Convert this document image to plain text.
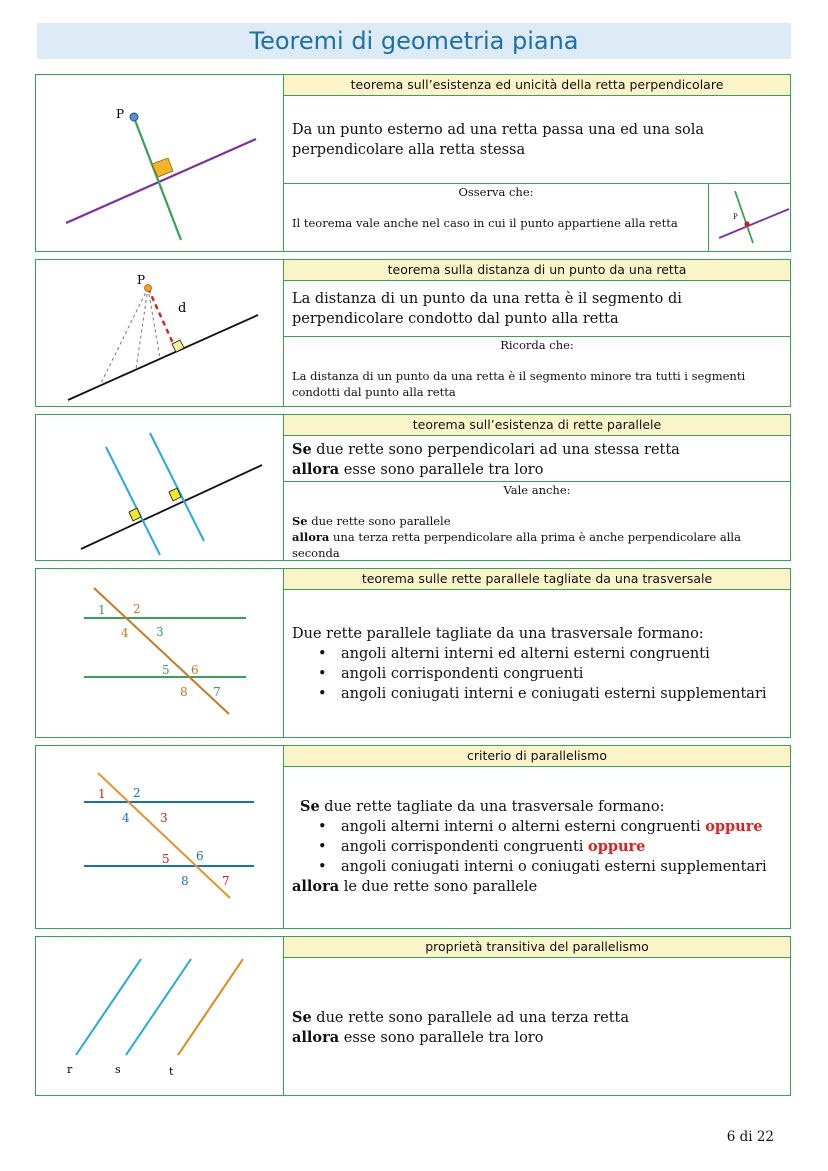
Teoremi di geometria piana
P
teorema sull’esistenza ed unicità della retta perpendicolare
Da un punto esterno ad una retta passa una ed una sola perpendicolare alla retta stessa
Osserva che:
Il teorema vale anche nel caso in cui il punto appartiene alla retta	P
P
d
teorema sulla distanza di un punto da una retta
La distanza di un punto da una retta è il segmento di perpendicolare condotto dal punto alla retta
Ricorda che:
La distanza di un punto da una retta è il segmento minore tra tutti i segmenti condotti dal punto alla retta
teorema sull’esistenza di rette parallele
Se due rette sono perpendicolari ad una stessa retta
allora esse sono parallele tra loro
Vale anche:
Se due rette sono parallele
allora una terza retta perpendicolare alla prima è anche perpendicolare alla seconda
1 2
3
4
5 6
7
8
teorema sulle rette parallele tagliate da una trasversale
Due rette parallele tagliate da una trasversale formano:
• angoli alterni interni ed alterni esterni congruenti
• angoli corrispondenti congruenti
• angoli coniugati interni e coniugati esterni supplementari
1 2
3
4
5 6
7
8
criterio di parallelismo
Se due rette tagliate da una trasversale formano:
• angoli alterni interni o alterni esterni congruenti oppure
• angoli corrispondenti congruenti oppure
• angoli coniugati interni o coniugati esterni supplementari
allora le due rette sono parallele
r	s	t
proprietà transitiva del parallelismo
Se due rette sono parallele ad una terza retta
allora esse sono parallele tra loro
6 di 22
